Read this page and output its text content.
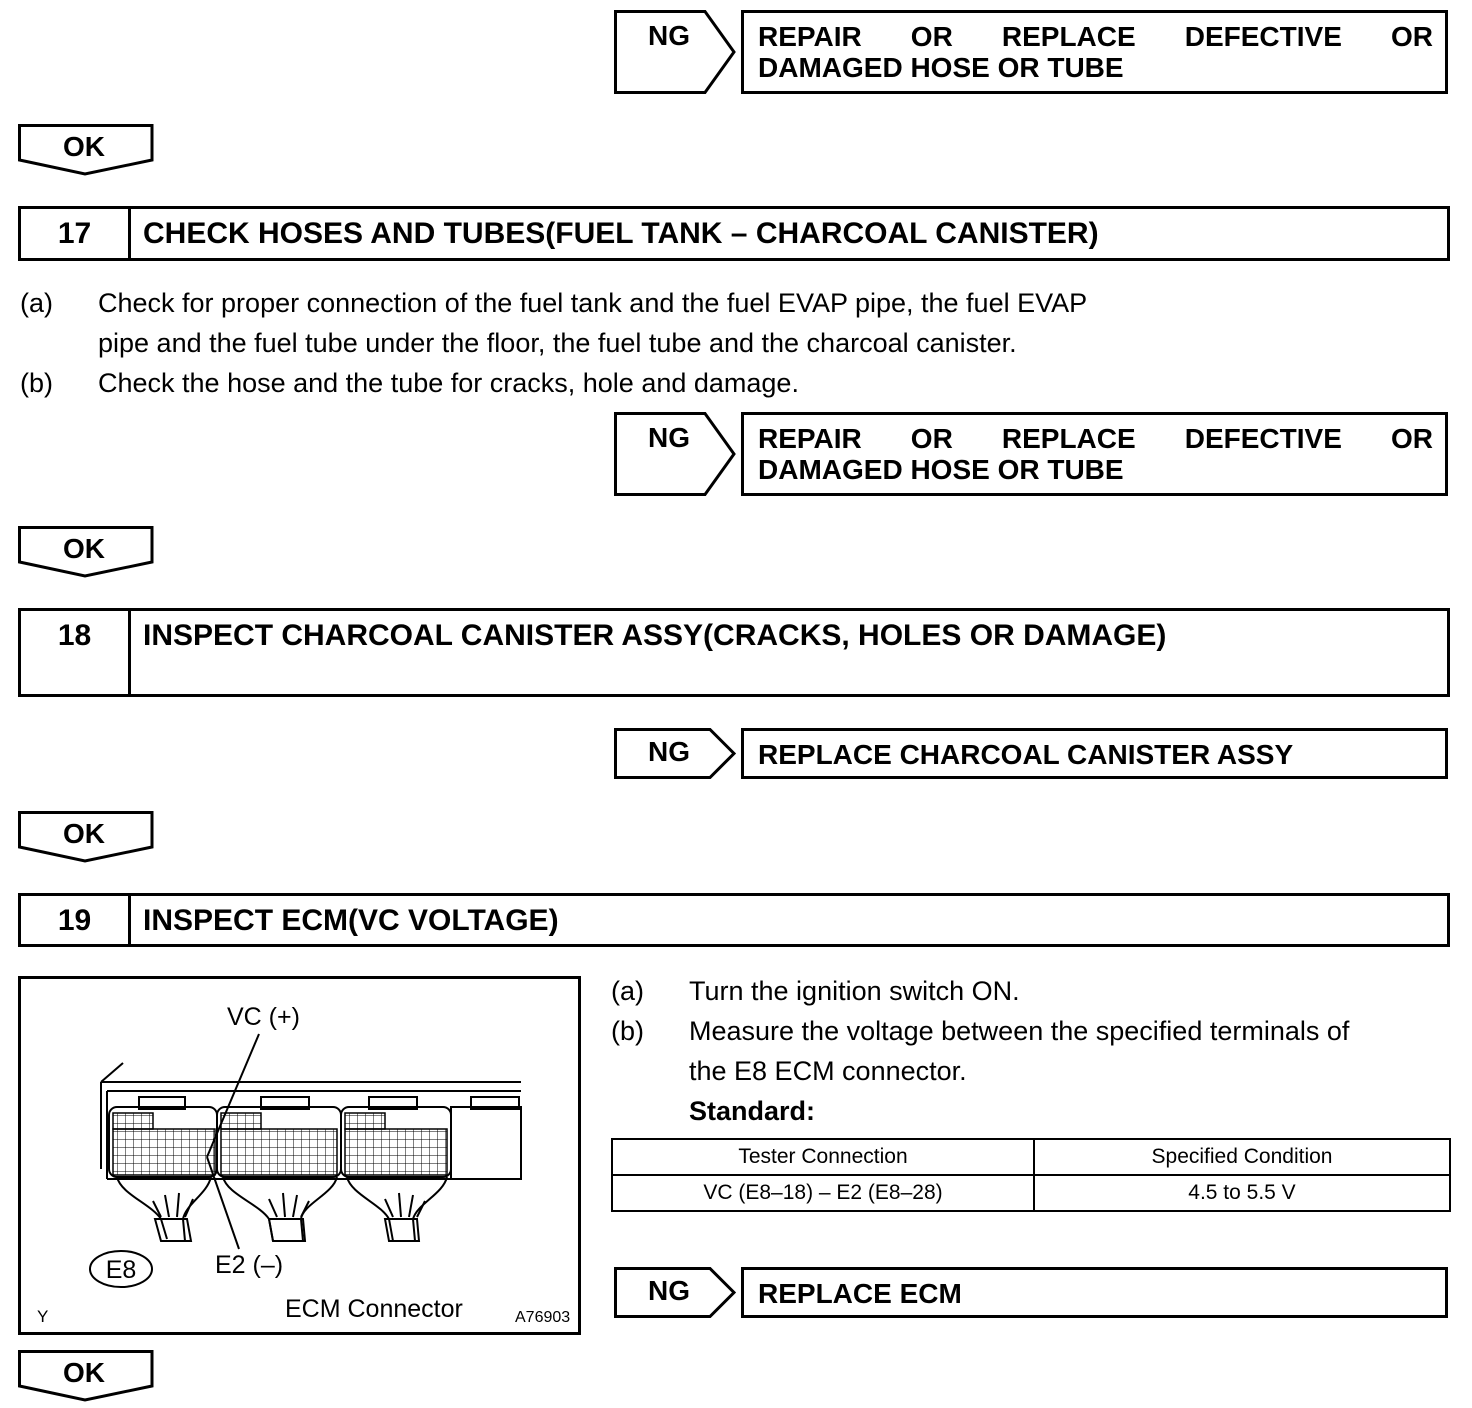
NG REPAIR OR REPLACE DEFECTIVE OR
DAMAGED HOSE OR TUBE
OK
17	CHECK HOSES AND TUBES(FUEL TANK – CHARCOAL CANISTER)
(a)	Check for proper connection of the fuel tank and the fuel EVAP pipe, the fuel EVAP
pipe and the fuel tube under the floor, the fuel tube and the charcoal canister.
(b)	Check the hose and the tube for cracks, hole and damage.
NG REPAIR OR REPLACE DEFECTIVE OR
DAMAGED HOSE OR TUBE
OK
18	INSPECT CHARCOAL CANISTER ASSY(CRACKS, HOLES OR DAMAGE)
NG REPLACE CHARCOAL CANISTER ASSY
OK
19	INSPECT ECM(VC VOLTAGE)
VC (+)
E2 (–)
E8
ECM Connector
Y	A76903
(a)	Turn the ignition switch ON.
(b)	Measure the voltage between the specified terminals of
the E8 ECM connector.
Standard:
Tester Connection	Specified Condition
VC (E8–18) – E2 (E8–28)	4.5 to 5.5 V
NG REPLACE ECM
OK
